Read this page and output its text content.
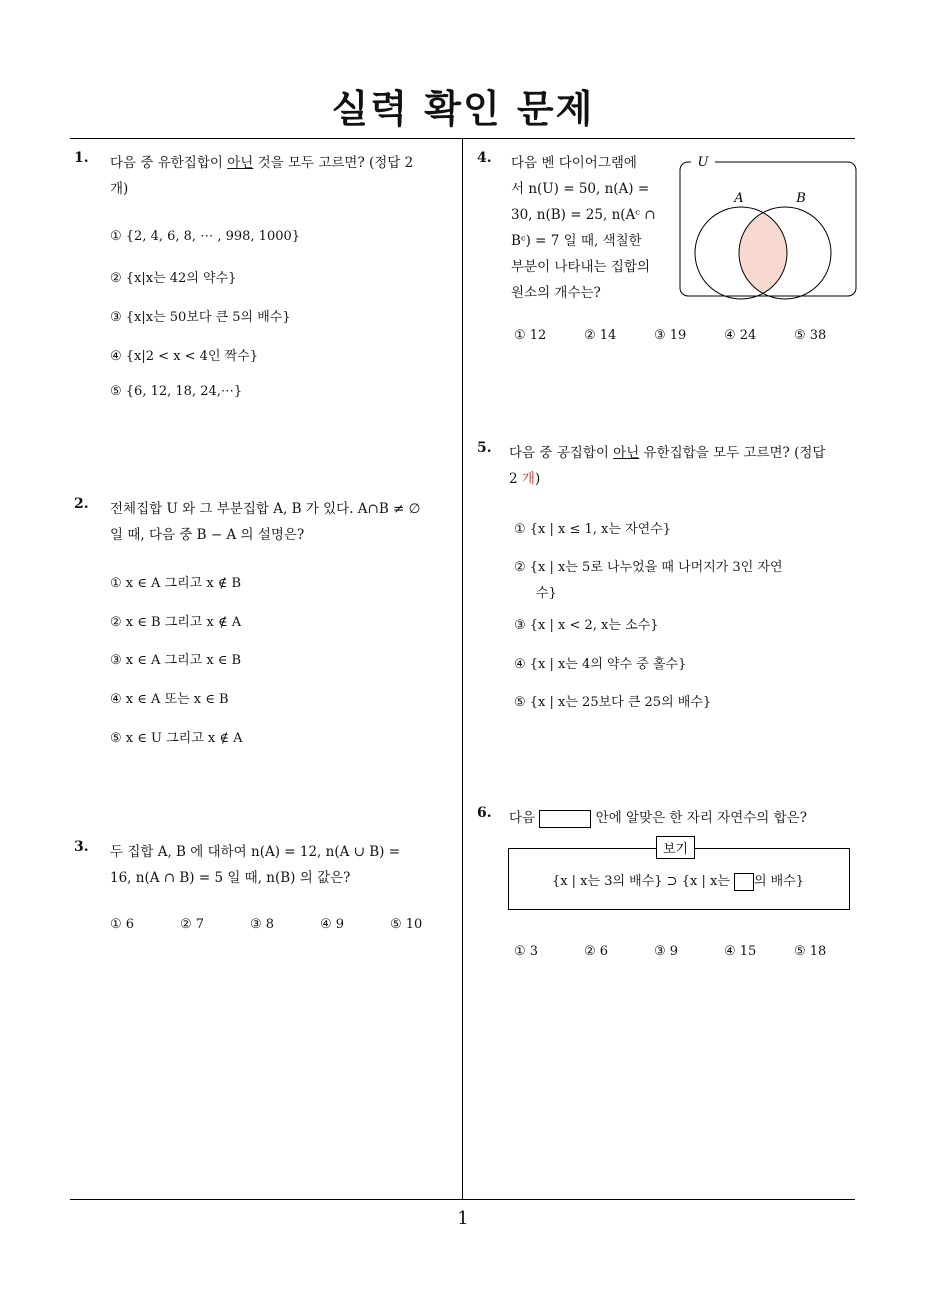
실력 확인 문제
1
1. 다음 중 유한집합이 아닌 것을 모두 고르면? (정답 2
개)
① {2, 4, 6, 8, ⋯ , 998, 1000}
② {x|x는 42의 약수}
③ {x|x는 50보다 큰 5의 배수}
④ {x|2 < x < 4인 짝수}
⑤ {6, 12, 18, 24,⋯}
2. 전체집합 U 와 그 부분집합 A, B 가 있다. A∩B ≠ ∅
일 때, 다음 중 B − A 의 설명은?
① x ∈ A 그리고 x ∉ B
② x ∈ B 그리고 x ∉ A
③ x ∈ A 그리고 x ∈ B
④ x ∈ A 또는 x ∈ B
⑤ x ∈ U 그리고 x ∉ A
3. 두 집합 A, B 에 대하여 n(A) = 12, n(A ∪ B) =
16, n(A ∩ B) = 5 일 때, n(B) 의 값은?
① 6	② 7	③ 8	④ 9	⑤ 10
4. 다음 벤 다이어그램에
서 n(U) = 50, n(A) =
30, n(B) = 25, n(Aᶜ ∩
Bᶜ) = 7 일 때, 색칠한
부분이 나타내는 집합의
원소의 개수는?
U
A	B
① 12	② 14	③ 19	④ 24	⑤ 38
5. 다음 중 공집합이 아닌 유한집합을 모두 고르면? (정답
2 개)
① {x | x ≤ 1, x는 자연수}
② {x | x는 5로 나누었을 때 나머지가 3인 자연
수}
③ {x | x < 2, x는 소수}
④ {x | x는 4의 약수 중 홀수}
⑤ {x | x는 25보다 큰 25의 배수}
6. 다음	안에 알맞은 한 자리 자연수의 합은?
보기
{x | x는 3의 배수} ⊃ {x | x는 의 배수}
① 3	② 6	③ 9	④ 15	⑤ 18
